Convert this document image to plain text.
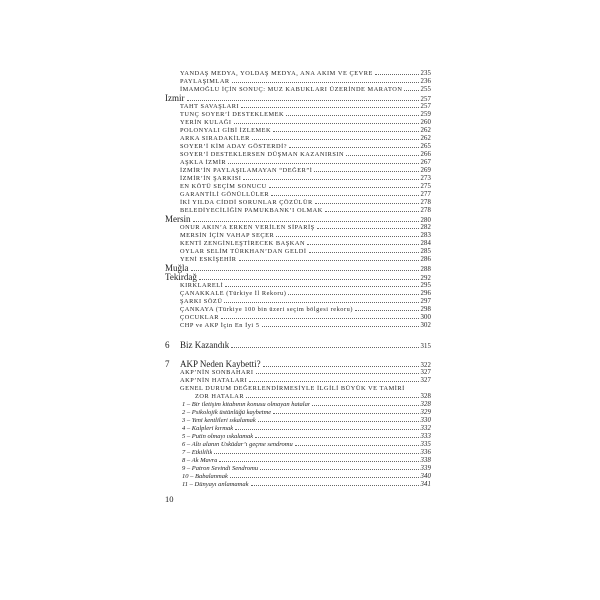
YANDAŞ MEDYA, YOLDAŞ MEDYA, ANA AKIM VE ÇEVRE	235
PAYLAŞIMLAR	236
İMAMOĞLU İÇİN SONUÇ: MUZ KABUKLARI ÜZERİNDE MARATON	255
İzmir	257
TAHT SAVAŞLARI	257
TUNÇ SOYER’İ DESTEKLEMEK	259
YERİN KULAĞI	260
POLONYALI GİBİ İZLEMEK	262
ARKA SIRADAKİLER	262
SOYER’İ KİM ADAY GÖSTERDİ?	265
SOYER’İ DESTEKLERSEN DÜŞMAN KAZANIRSIN	266
AŞKLA İZMİR	267
İZMİR’İN PAYLAŞILAMAYAN “DEĞER”İ	269
İZMİR’İN ŞARKISI	273
EN KÖTÜ SEÇİM SONUCU	275
GARANTİLİ GÖNÜLLÜLER	277
İKİ YILDA CİDDİ SORUNLAR ÇÖZÜLÜR	278
BELEDİYECİLİĞİN PAMUKBANK’I OLMAK	278
Mersin	280
ONUR AKIN’A ERKEN VERİLEN SİPARİŞ	282
MERSİN İÇİN VAHAP SEÇER	283
KENTİ ZENGİNLEŞTİRECEK BAŞKAN	284
OYLAR SELİM TÜRKHAN’DAN GELDİ	285
YENİ ESKİŞEHİR	286
Muğla	288
Tekirdağ	292
KIRKLARELİ	295
ÇANAKKALE (Türkiye İl Rekoru)	296
ŞARKI SÖZÜ	297
ÇANKAYA (Türkiye 100 bin üzeri seçim bölgesi rekoru)	298
ÇOCUKLAR	300
CHP ve AKP İçin En İyi 5	302
6	Biz Kazandık	315
7	AKP Neden Kaybetti?	322
AKP’NİN SONBAHARI	327
AKP’NİN HATALARI	327
GENEL DURUM DEĞERLENDİRMESİYLE İLGİLİ BÜYÜK VE TAMİRİ
ZOR HATALAR	328
1 – Bir iletişim kitabının konusu olmayan hatalar	328
2 – Psikolojik üstünlüğü kaybetme	329
3 – Yeni kentlileri ıskalamak	330
4 – Kalpleri kırmak	332
5 – Putin olmayı ıskalamak	333
6 – Altı alanın Üsküdar’ı geçme sendromu	335
7 – Etkililik	336
8 – Ak Mavra	338
9 – Patron Sevindi Sendromu	339
10 – Babalanmak	340
11 – Dünyayı anlamamak	341
10
